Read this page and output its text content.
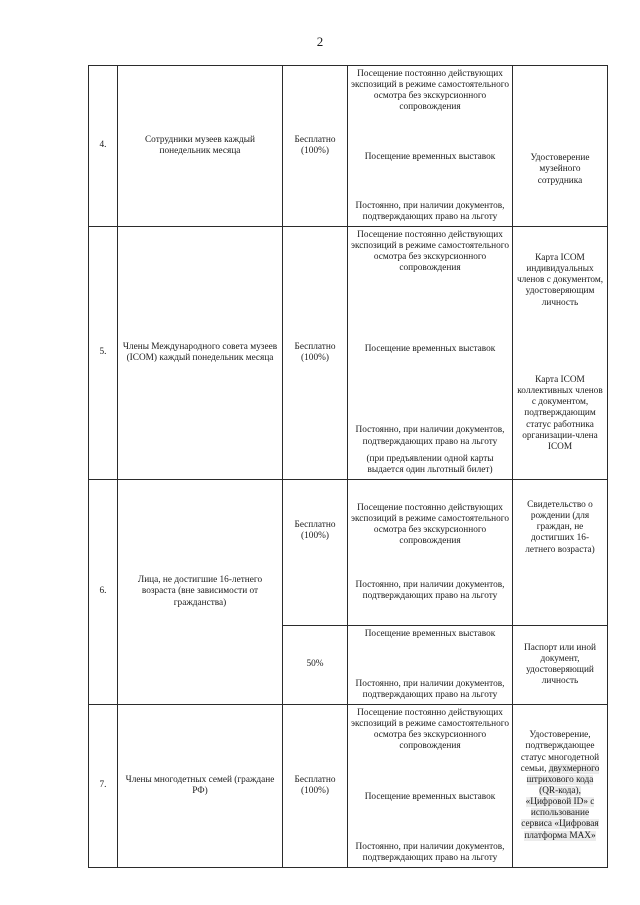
2
4.	Сотрудники музеев каждый понедельник месяца	Бесплатно (100%)	Посещение постоянно действующих экспозиций в режиме самостоятельного осмотра без экскурсионного сопровождения
Посещение временных выставок
Постоянно, при наличии документов, подтверждающих право на льготу	Удостоверение музейного сотрудника

5.	Члены Международного совета музеев (ICOM) каждый понедельник месяца	Бесплатно (100%)	Посещение постоянно действующих экспозиций в режиме самостоятельного осмотра без экскурсионного сопровождения
Посещение временных выставок
Постоянно, при наличии документов, подтверждающих право на льготу
(при предъявлении одной карты выдается один льготный билет)	Карта ICOM индивидуальных членов с документом, удостоверяющим личность
Карта ICOM коллективных членов с документом, подтверждающим статус работника организации-члена ICOM

6.	Лица, не достигшие 16-летнего возраста (вне зависимости от гражданства)	Бесплатно (100%)	Посещение постоянно действующих экспозиций в режиме самостоятельного осмотра без экскурсионного сопровождения
Постоянно, при наличии документов, подтверждающих право на льготу	Свидетельство о рождении (для граждан, не достигших 16-летнего возраста)
		50%	Посещение временных выставок
Постоянно, при наличии документов, подтверждающих право на льготу	Паспорт или иной документ, удостоверяющий личность
7.	Члены многодетных семей (граждане РФ)	Бесплатно (100%)	Посещение постоянно действующих экспозиций в режиме самостоятельного осмотра без экскурсионного сопровождения
Посещение временных выставок
Постоянно, при наличии документов, подтверждающих право на льготу	Удостоверение, подтверждающее статус многодетной семьи, двухмерного штрихового кода (QR-кода), «Цифровой ID» с использование сервиса «Цифровая платформа MAX»
